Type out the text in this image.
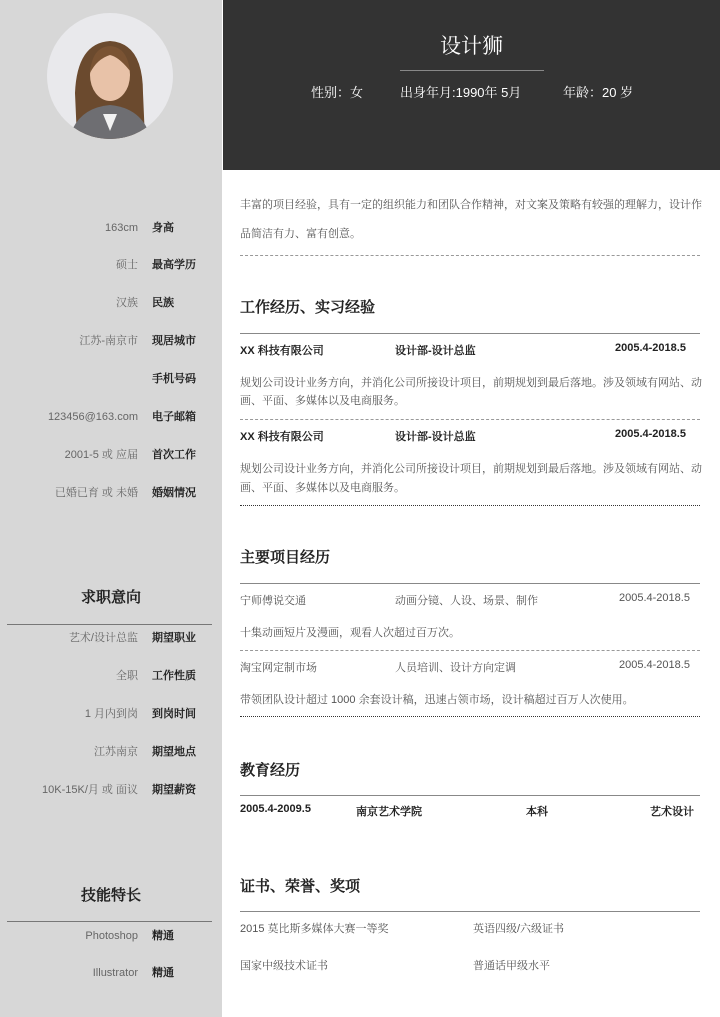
163cm 身高
硕士 最高学历
汉族 民族
江苏-南京市 现居城市
手机号码
123456@163.com 电子邮箱
2001-5 或 应届 首次工作
已婚已育 或 未婚 婚姻情况
求职意向
艺术/设计总监 期望职业
全职 工作性质
1 月内到岗 到岗时间
江苏南京 期望地点
10K-15K/月 或 面议 期望薪资
技能特长
Photoshop 精通
Illustrator 精通
设计狮
性别：女	出身年月:1990年 5月	年龄：20 岁
丰富的项目经验，具有一定的组织能力和团队合作精神，对文案及策略有较强的理解力，设计作
品简洁有力、富有创意。
工作经历、实习经验
XX 科技有限公司	设计部-设计总监	2005.4-2018.5
规划公司设计业务方向，并消化公司所接设计项目，前期规划到最后落地。涉及领域有网站、动
画、平面、多媒体以及电商服务。
XX 科技有限公司	设计部-设计总监	2005.4-2018.5
规划公司设计业务方向，并消化公司所接设计项目，前期规划到最后落地。涉及领域有网站、动
画、平面、多媒体以及电商服务。
主要项目经历
宁师傅说交通	动画分镜、人设、场景、制作	2005.4-2018.5
十集动画短片及漫画，观看人次超过百万次。
淘宝网定制市场	人员培训、设计方向定调	2005.4-2018.5
带领团队设计超过 1000 余套设计稿，迅速占领市场，设计稿超过百万人次使用。
教育经历
2005.4-2009.5	南京艺术学院	本科	艺术设计
证书、荣誉、奖项
2015 莫比斯多媒体大赛一等奖	英语四级/六级证书
国家中级技术证书	普通话甲级水平
